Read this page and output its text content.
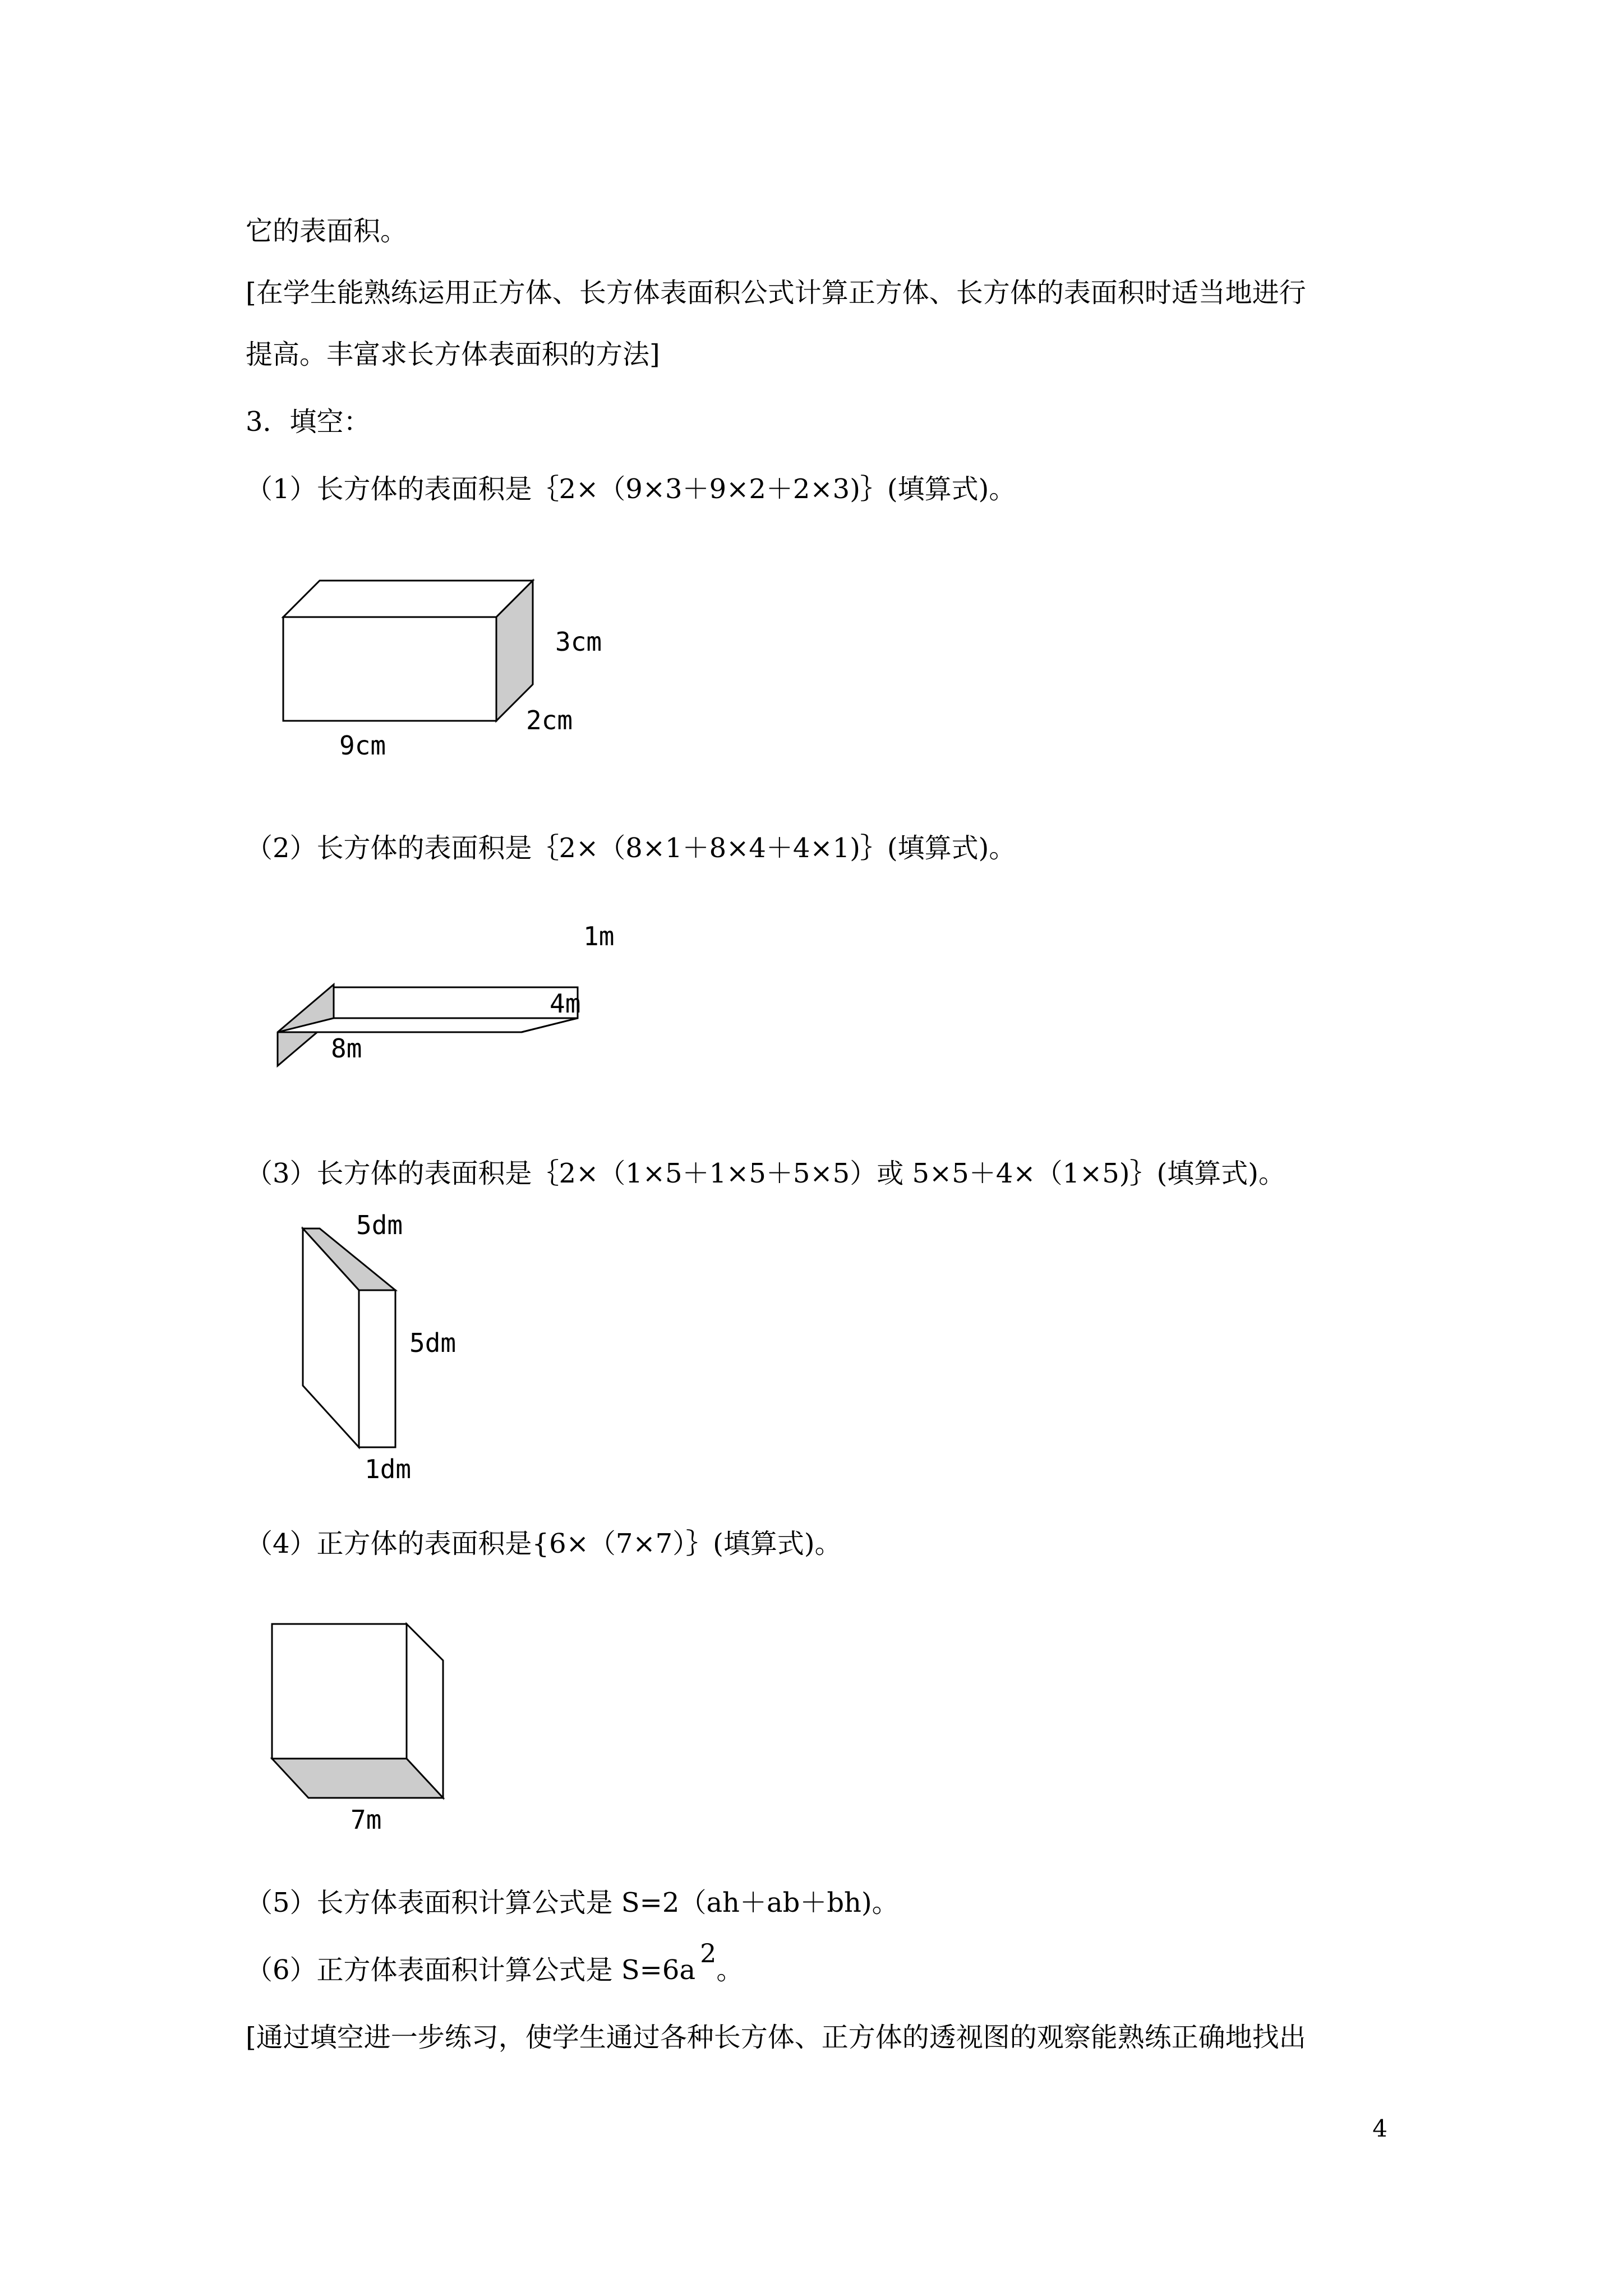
它的表面积。
[在学生能熟练运用正方体、长方体表面积公式计算正方体、长方体的表面积时适当地进行
提高。丰富求长方体表面积的方法]
3．填空：
（1）长方体的表面积是｛2×（9×3＋9×2＋2×3)｝(填算式)。
3cm
2cm
9cm
（2）长方体的表面积是｛2×（8×1＋8×4＋4×1)｝(填算式)。
1m
4m
8m
（3）长方体的表面积是｛2×（1×5＋1×5＋5×5）或 5×5＋4×（1×5)｝(填算式)。
5dm
5dm
1dm
（4）正方体的表面积是{6×（7×7）｝(填算式)。
7m
（5）长方体表面积计算公式是 S=2（ah＋ab＋bh)。
（6）正方体表面积计算公式是 $S=6a^2$。
[通过填空进一步练习，使学生通过各种长方体、正方体的透视图的观察能熟练正确地找出
4
